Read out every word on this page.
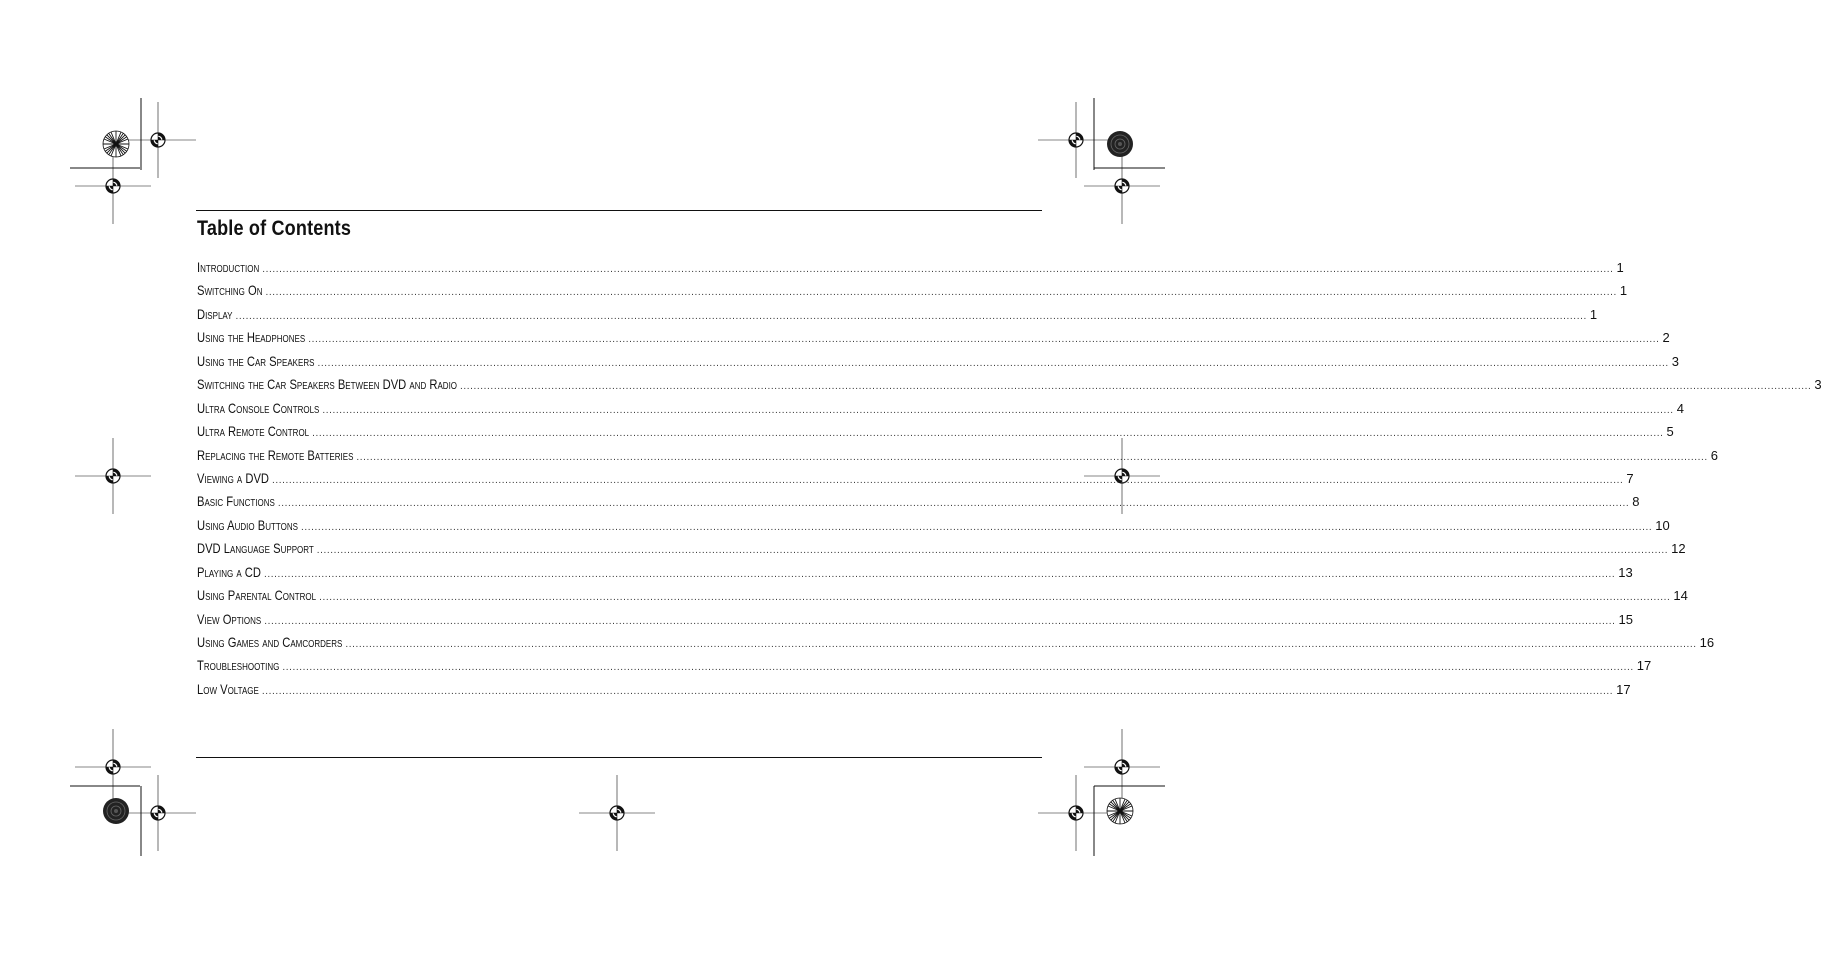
Table of Contents
Introduction ................................................................................................................................................................................................................................................................................................................................................................................................................ 1
Switching On ................................................................................................................................................................................................................................................................................................................................................................................................................ 1
Display ................................................................................................................................................................................................................................................................................................................................................................................................................ 1
Using the Headphones ................................................................................................................................................................................................................................................................................................................................................................................................................ 2
Using the Car Speakers ................................................................................................................................................................................................................................................................................................................................................................................................................ 3
Switching the Car Speakers Between DVD and Radio ................................................................................................................................................................................................................................................................................................................................................................................................................ 3
Ultra Console Controls ................................................................................................................................................................................................................................................................................................................................................................................................................ 4
Ultra Remote Control ................................................................................................................................................................................................................................................................................................................................................................................................................ 5
Replacing the Remote Batteries ................................................................................................................................................................................................................................................................................................................................................................................................................ 6
Viewing a DVD ................................................................................................................................................................................................................................................................................................................................................................................................................ 7
Basic Functions ................................................................................................................................................................................................................................................................................................................................................................................................................ 8
Using Audio Buttons ................................................................................................................................................................................................................................................................................................................................................................................................................ 10
DVD Language Support ................................................................................................................................................................................................................................................................................................................................................................................................................ 12
Playing a CD ................................................................................................................................................................................................................................................................................................................................................................................................................ 13
Using Parental Control ................................................................................................................................................................................................................................................................................................................................................................................................................ 14
View Options ................................................................................................................................................................................................................................................................................................................................................................................................................ 15
Using Games and Camcorders ................................................................................................................................................................................................................................................................................................................................................................................................................ 16
Troubleshooting ................................................................................................................................................................................................................................................................................................................................................................................................................ 17
Low Voltage ................................................................................................................................................................................................................................................................................................................................................................................................................ 17
